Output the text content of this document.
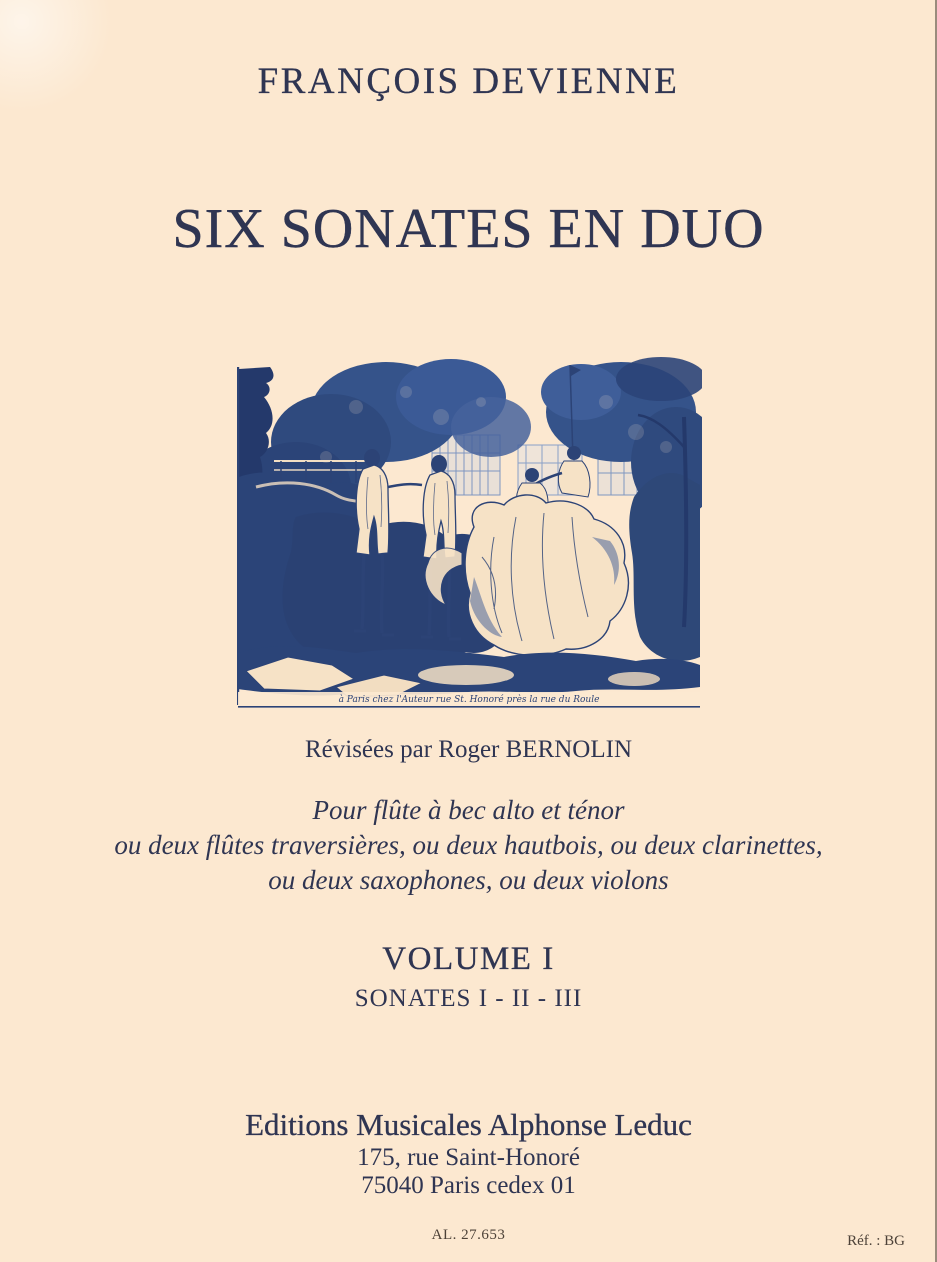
FRANÇOIS DEVIENNE
SIX SONATES EN DUO
à Paris chez l'Auteur rue St. Honoré près la rue du Roule
Révisées par Roger BERNOLIN
Pour flûte à bec alto et ténor
ou deux flûtes traversières, ou deux hautbois, ou deux clarinettes,
ou deux saxophones, ou deux violons
VOLUME I
SONATES I - II - III
Editions Musicales Alphonse Leduc
175, rue Saint-Honoré
75040 Paris cedex 01
AL. 27.653	Réf. : BG
